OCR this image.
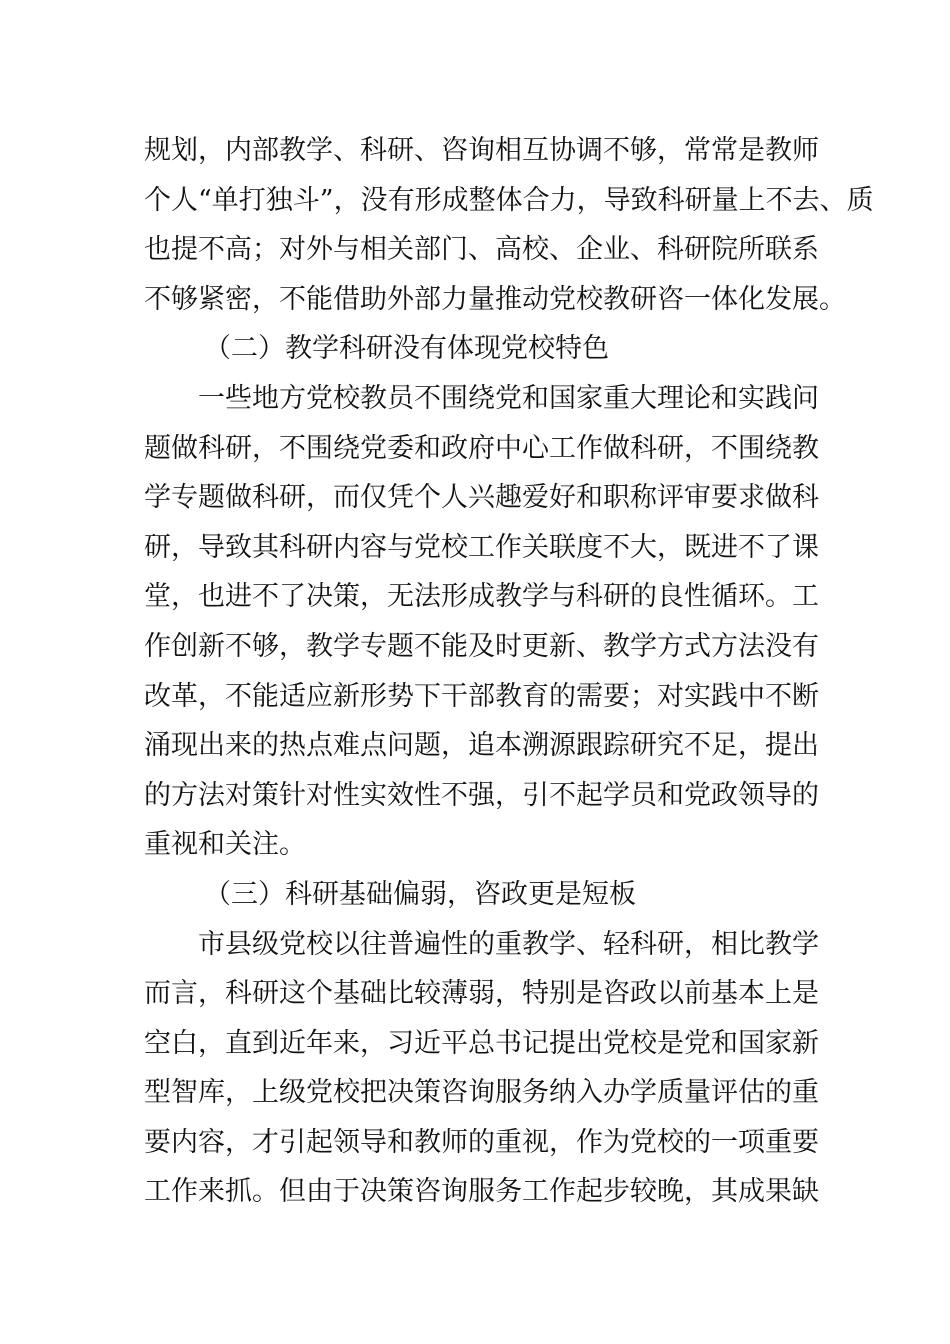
规划，内部教学、科研、咨询相互协调不够，常常是教师
个人“单打独斗”，没有形成整体合力，导致科研量上不去、质
也提不高；对外与相关部门、高校、企业、科研院所联系
不够紧密，不能借助外部力量推动党校教研咨一体化发展。
（二）教学科研没有体现党校特色
一些地方党校教员不围绕党和国家重大理论和实践问
题做科研，不围绕党委和政府中心工作做科研，不围绕教
学专题做科研，而仅凭个人兴趣爱好和职称评审要求做科
研，导致其科研内容与党校工作关联度不大，既进不了课
堂，也进不了决策，无法形成教学与科研的良性循环。工
作创新不够，教学专题不能及时更新、教学方式方法没有
改革，不能适应新形势下干部教育的需要；对实践中不断
涌现出来的热点难点问题，追本溯源跟踪研究不足，提出
的方法对策针对性实效性不强，引不起学员和党政领导的
重视和关注。
（三）科研基础偏弱，咨政更是短板
市县级党校以往普遍性的重教学、轻科研，相比教学
而言，科研这个基础比较薄弱，特别是咨政以前基本上是
空白，直到近年来，习近平总书记提出党校是党和国家新
型智库，上级党校把决策咨询服务纳入办学质量评估的重
要内容，才引起领导和教师的重视，作为党校的一项重要
工作来抓。但由于决策咨询服务工作起步较晚，其成果缺
